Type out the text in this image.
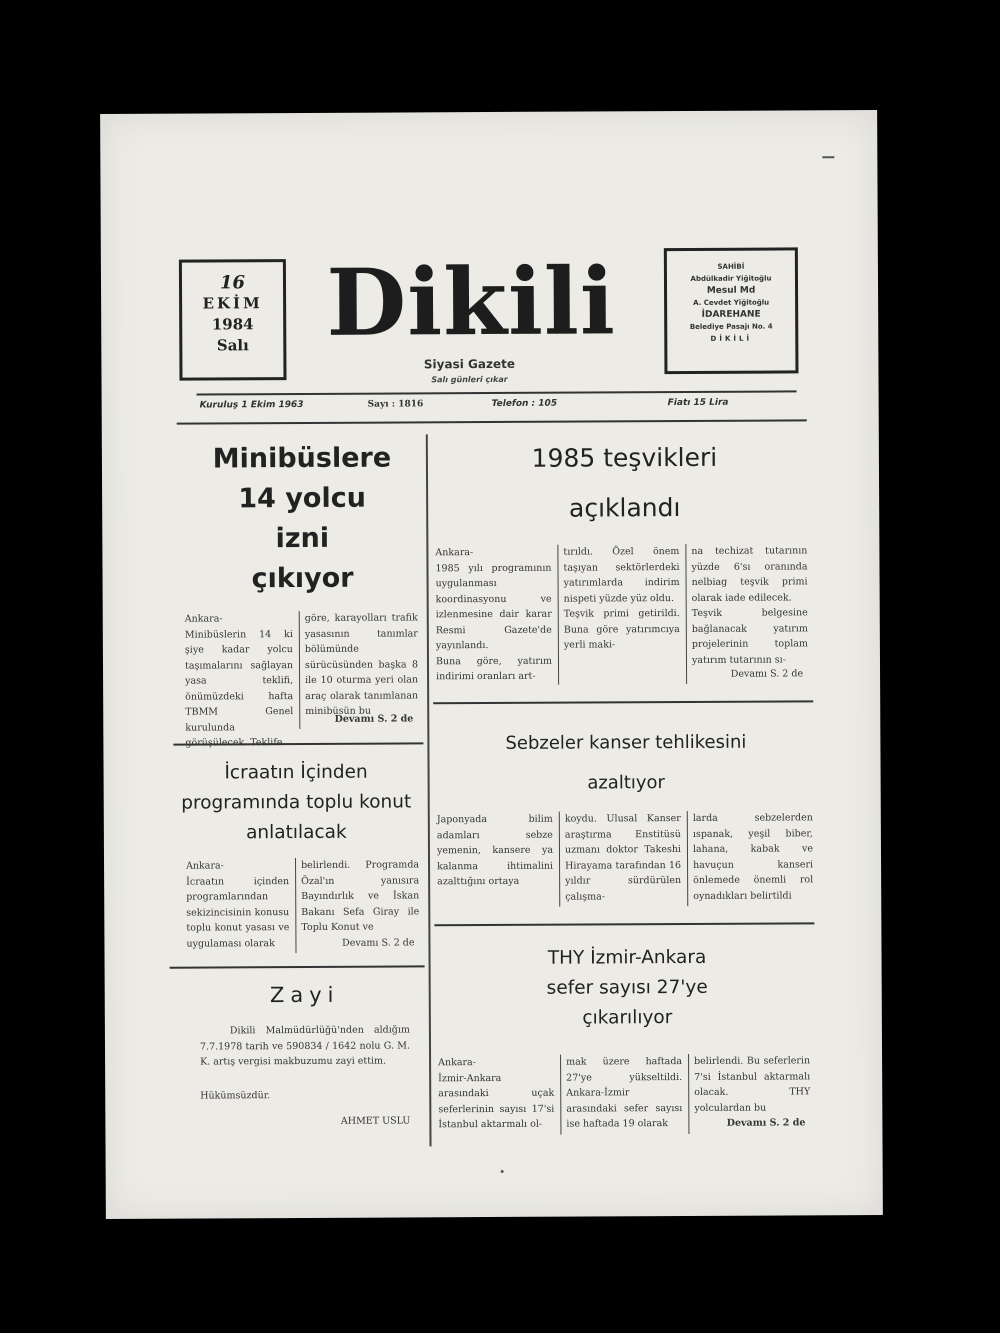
16
EKİM
1984
Salı Dikili
Siyasi Gazete
Salı günleri çıkar
SAHİBİ
Abdülkadir Yiğitoğlu
Mesul Md
A. Cevdet Yiğitoğlu
İDAREHANE
Belediye Pasajı No. 4
DİKİLİ
Kuruluş 1 Ekim 1963	Sayı : 1816	Telefon : 105	Fiatı 15 Lira
Minibüslere
14 yolcu
izni
çıkıyor
Ankara-
Minibüslerin 14 ki şiye kadar yolcu taşımalarını sağlayan yasa teklifi, önümüzdeki hafta TBMM Genel kurulunda
göre, karayolları trafik yasasının tanımlar bölümünde sürücüsünden başka 8 ile 10 oturma yeri olan araç olarak tanımlanan minibüsün bu
Devamı S. 2 de
İcraatın İçinden
programında toplu konut
anlatılacak
Ankara-
İcraatın içinden programlarından sekizincisinin konusu toplu konut yasası ve uygulaması olarak
belirlendi. Programda Özal'ın yanısıra Bayındırlık ve İskan Bakanı Sefa Giray ile Toplu Konut ve
Devamı S. 2 de
Zayi
Dikili Malmüdürlüğü'nden aldığım 7.7.1978 tarih ve 590834 / 1642 nolu G. M. K. artış vergisi makbuzumu zayi ettim.
Hükümsüzdür.
AHMET USLU
1985 teşvikleri
açıklandı
Ankara-
1985 yılı programının uygulanması koordinasyonu ve izlenmesine dair karar Resmi Gazete'de yayınlandı.
Buna göre, yatırım indirimi oranları art-
tırıldı. Özel önem taşıyan sektörlerdeki yatırımlarda indirim nispeti yüzde yüz oldu.
Teşvik primi getirildi. Buna göre yatırımcıya yerli maki-
na techizat tutarının yüzde 6'sı oranında nelbiag teşvik primi olarak iade edilecek.
Teşvik belgesine bağlanacak yatırım projelerinin toplam yatırım tutarının sı-
Devamı S. 2 de
Sebzeler kanser tehlikesini
azaltıyor
Japonyada bilim adamları sebze yemenin, kansere ya kalanma ihtimalini azalttığını ortaya
koydu. Ulusal Kanser araştırma Enstitüsü uzmanı doktor Takeshi Hirayama tarafından 16 yıldır sürdürülen çalışma-
larda sebzelerden ıspanak, yeşil biber, lahana, kabak ve havuçun kanseri önlemede önemli rol oynadıkları belirtildi
THY İzmir-Ankara
sefer sayısı 27'ye
çıkarılıyor
Ankara-
İzmir-Ankara arasındaki uçak seferlerinin sayısı 17'si İstanbul aktarmalı ol-
mak üzere haftada 27'ye yükseltildi. Ankara-İzmir arasındaki sefer sayısı ise haftada 19 olarak
belirlendi. Bu seferlerin 7'si İstanbul aktarmalı olacak. THY yolculardan bu
Devamı S. 2 de
